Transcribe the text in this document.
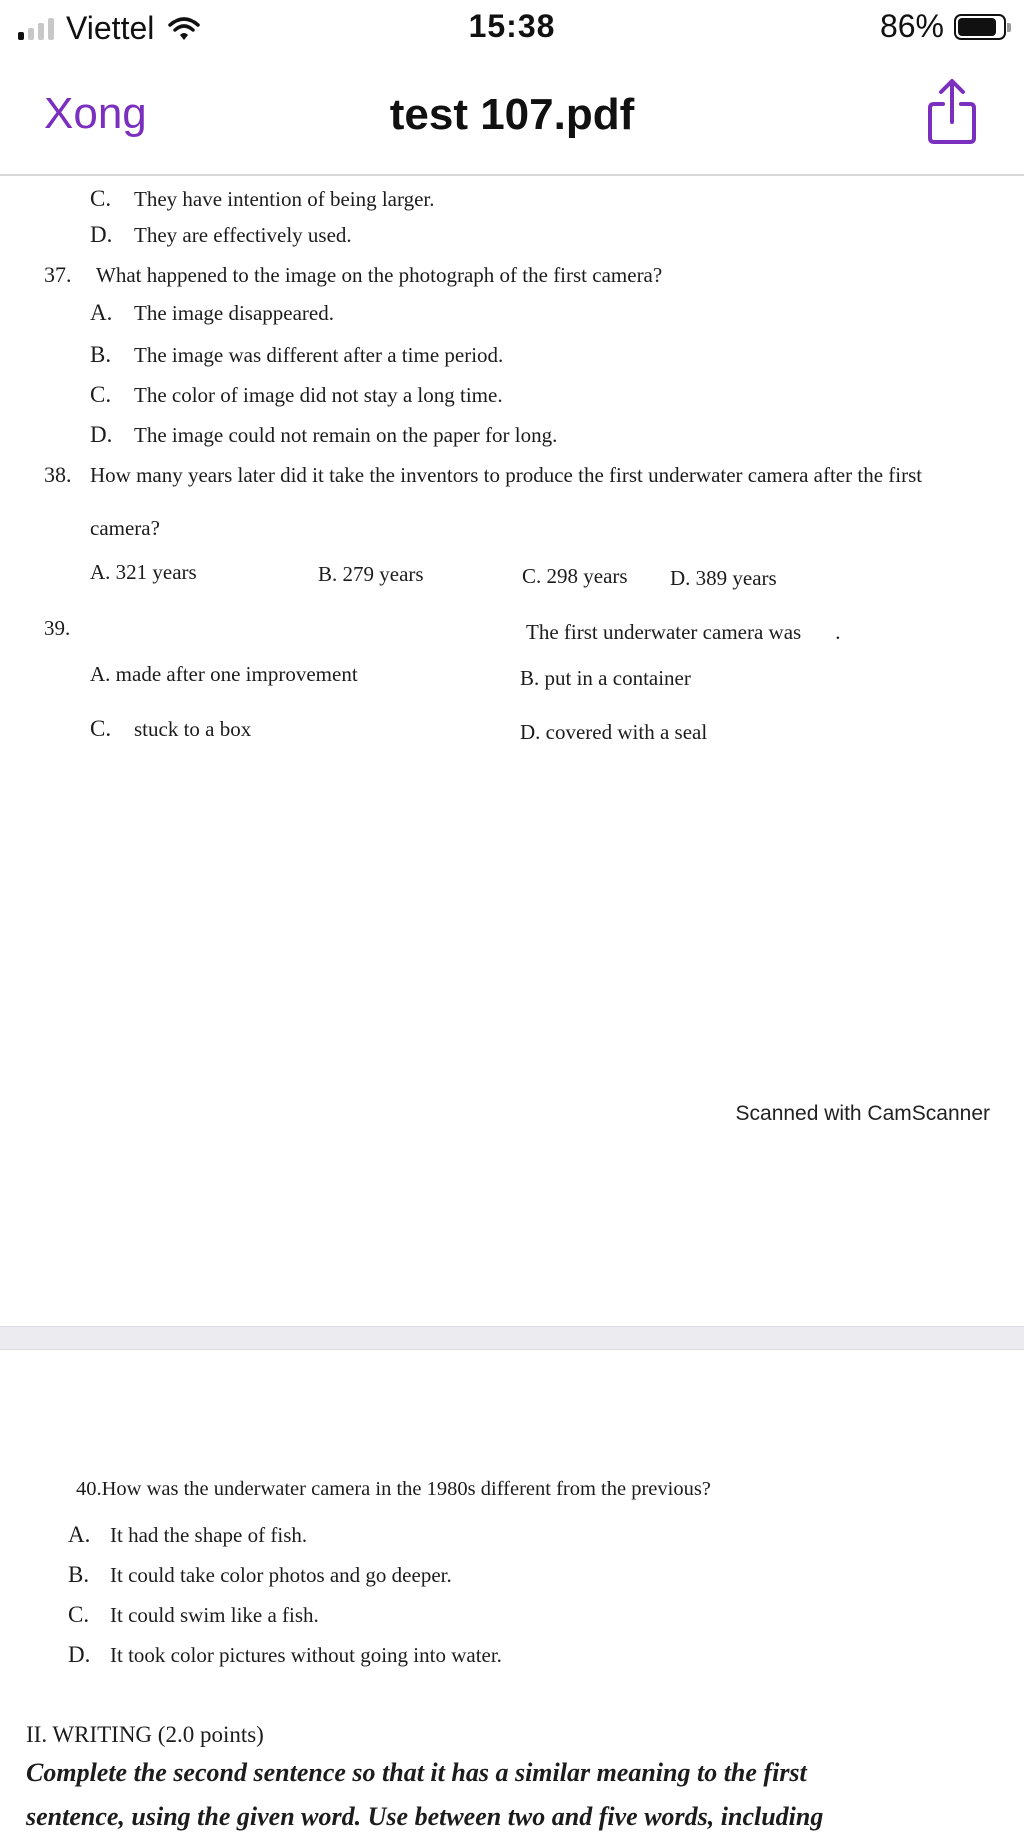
Viettel	15:38	86%
Xong	test 107.pdf
C. They have intention of being larger.
D. They are effectively used.
37. What happened to the image on the photograph of the first camera?
A. The image disappeared.
B. The image was different after a time period.
C. The color of image did not stay a long time.
D. The image could not remain on the paper for long.
38. How many years later did it take the inventors to produce the first underwater camera after the first
camera?
A. 321 years	B. 279 years	C. 298 years D. 389 years
39.	The first underwater camera was .
A. made after one improvement	B. put in a container
C. stuck to a box	D. covered with a seal
Scanned with CamScanner
40.How was the underwater camera in the 1980s different from the previous?
A. It had the shape of fish.
B. It could take color photos and go deeper.
C. It could swim like a fish.
D. It took color pictures without going into water.
II. WRITING (2.0 points)
Complete the second sentence so that it has a similar meaning to the first
sentence, using the given word. Use between two and five words, including
